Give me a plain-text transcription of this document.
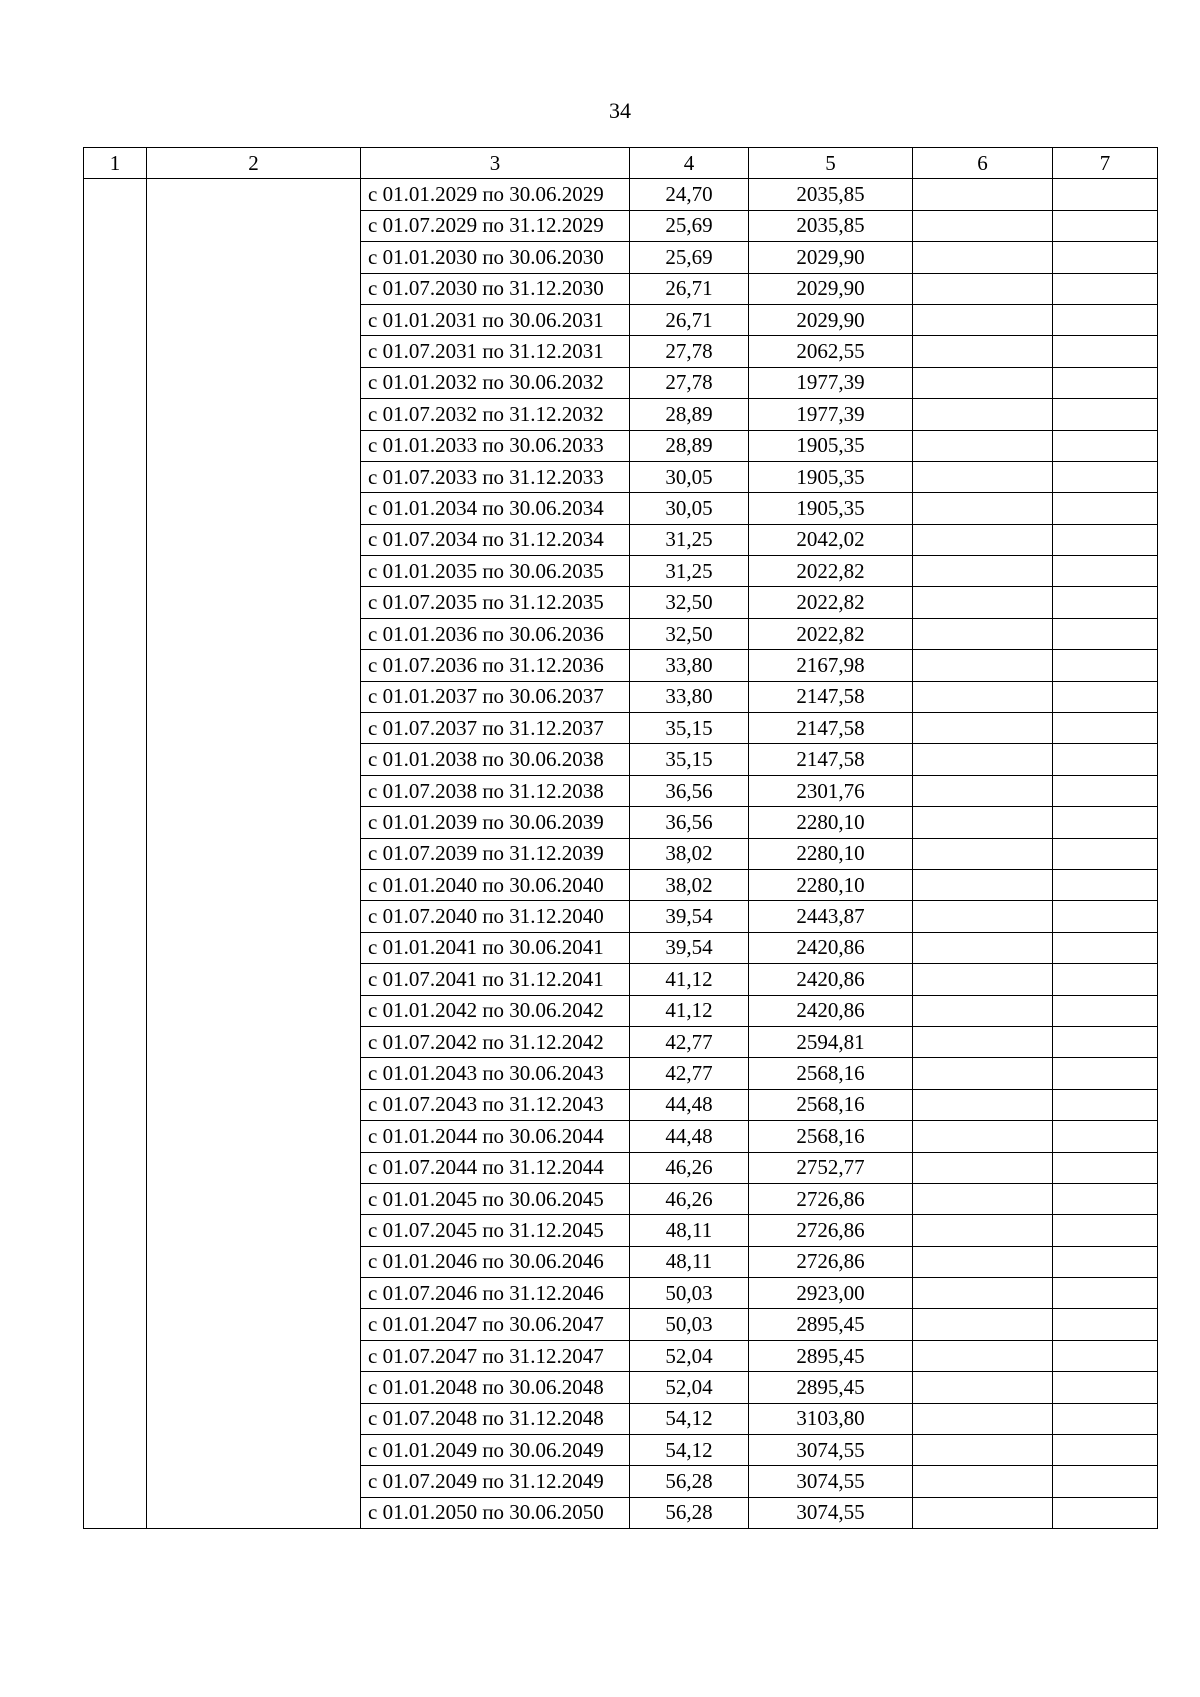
34
1	2	3	4	5	6	7
		с 01.01.2029 по 30.06.2029	24,70	2035,85		
		с 01.07.2029 по 31.12.2029	25,69	2035,85		
		с 01.01.2030 по 30.06.2030	25,69	2029,90		
		с 01.07.2030 по 31.12.2030	26,71	2029,90		
		с 01.01.2031 по 30.06.2031	26,71	2029,90		
		с 01.07.2031 по 31.12.2031	27,78	2062,55		
		с 01.01.2032 по 30.06.2032	27,78	1977,39		
		с 01.07.2032 по 31.12.2032	28,89	1977,39		
		с 01.01.2033 по 30.06.2033	28,89	1905,35		
		с 01.07.2033 по 31.12.2033	30,05	1905,35		
		с 01.01.2034 по 30.06.2034	30,05	1905,35		
		с 01.07.2034 по 31.12.2034	31,25	2042,02		
		с 01.01.2035 по 30.06.2035	31,25	2022,82		
		с 01.07.2035 по 31.12.2035	32,50	2022,82		
		с 01.01.2036 по 30.06.2036	32,50	2022,82		
		с 01.07.2036 по 31.12.2036	33,80	2167,98		
		с 01.01.2037 по 30.06.2037	33,80	2147,58		
		с 01.07.2037 по 31.12.2037	35,15	2147,58		
		с 01.01.2038 по 30.06.2038	35,15	2147,58		
		с 01.07.2038 по 31.12.2038	36,56	2301,76		
		с 01.01.2039 по 30.06.2039	36,56	2280,10		
		с 01.07.2039 по 31.12.2039	38,02	2280,10		
		с 01.01.2040 по 30.06.2040	38,02	2280,10		
		с 01.07.2040 по 31.12.2040	39,54	2443,87		
		с 01.01.2041 по 30.06.2041	39,54	2420,86		
		с 01.07.2041 по 31.12.2041	41,12	2420,86		
		с 01.01.2042 по 30.06.2042	41,12	2420,86		
		с 01.07.2042 по 31.12.2042	42,77	2594,81		
		с 01.01.2043 по 30.06.2043	42,77	2568,16		
		с 01.07.2043 по 31.12.2043	44,48	2568,16		
		с 01.01.2044 по 30.06.2044	44,48	2568,16		
		с 01.07.2044 по 31.12.2044	46,26	2752,77		
		с 01.01.2045 по 30.06.2045	46,26	2726,86		
		с 01.07.2045 по 31.12.2045	48,11	2726,86		
		с 01.01.2046 по 30.06.2046	48,11	2726,86		
		с 01.07.2046 по 31.12.2046	50,03	2923,00		
		с 01.01.2047 по 30.06.2047	50,03	2895,45		
		с 01.07.2047 по 31.12.2047	52,04	2895,45		
		с 01.01.2048 по 30.06.2048	52,04	2895,45		
		с 01.07.2048 по 31.12.2048	54,12	3103,80		
		с 01.01.2049 по 30.06.2049	54,12	3074,55		
		с 01.07.2049 по 31.12.2049	56,28	3074,55		
		с 01.01.2050 по 30.06.2050	56,28	3074,55		
